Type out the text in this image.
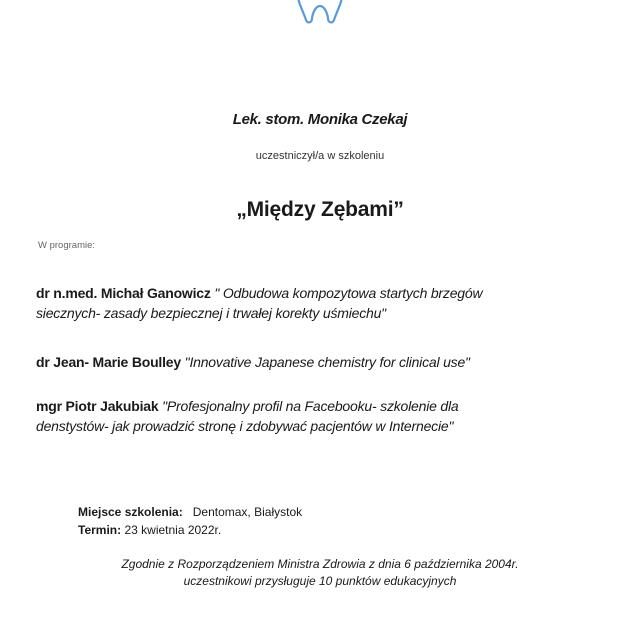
Lek. stom. Monika Czekaj
uczestniczył/a w szkoleniu
„Między Zębami”
W programie:
dr n.med. Michał Ganowicz " Odbudowa kompozytowa startych brzegów
siecznych- zasady bezpiecznej i trwałej korekty uśmiechu"
dr Jean- Marie Boulley "Innovative Japanese chemistry for clinical use"
mgr Piotr Jakubiak "Profesjonalny profil na Facebooku- szkolenie dla
denstystów- jak prowadzić stronę i zdobywać pacjentów w Internecie"
Miejsce szkolenia: Dentomax, Białystok
Termin: 23 kwietnia 2022r.
Zgodnie z Rozporządzeniem Ministra Zdrowia z dnia 6 października 2004r.
uczestnikowi przysługuje 10 punktów edukacyjnych
